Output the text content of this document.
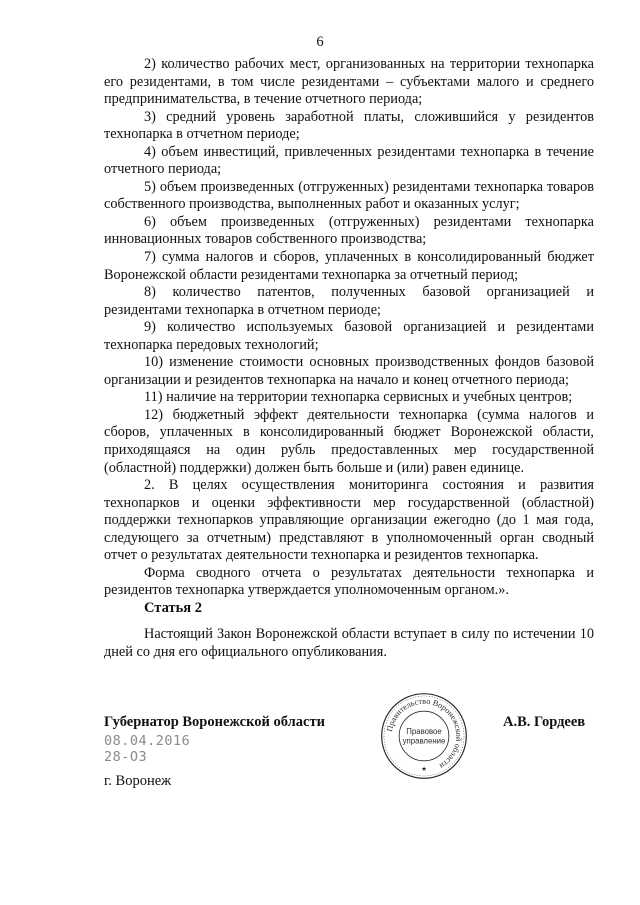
6

2) количество рабочих мест, организованных на территории технопарка его резидентами, в том числе резидентами – субъектами малого и среднего предпринимательства, в течение отчетного периода;

3) средний уровень заработной платы, сложившийся у резидентов технопарка в отчетном периоде;

4) объем инвестиций, привлеченных резидентами технопарка в течение отчетного периода;

5) объем произведенных (отгруженных) резидентами технопарка товаров собственного производства, выполненных работ и оказанных услуг;

6) объем произведенных (отгруженных) резидентами технопарка инновационных товаров собственного производства;

7) сумма налогов и сборов, уплаченных в консолидированный бюджет Воронежской области резидентами технопарка за отчетный период;

8) количество патентов, полученных базовой организацией и резидентами технопарка в отчетном периоде;

9) количество используемых базовой организацией и резидентами технопарка передовых технологий;

10) изменение стоимости основных производственных фондов базовой организации и резидентов технопарка на начало и конец отчетного периода;

11) наличие на территории технопарка сервисных и учебных центров;

12) бюджетный эффект деятельности технопарка (сумма налогов и сборов, уплаченных в консолидированный бюджет Воронежской области, приходящаяся на один рубль предоставленных мер государственной (областной) поддержки) должен быть больше и (или) равен единице.

2. В целях осуществления мониторинга состояния и развития технопарков и оценки эффективности мер государственной (областной) поддержки технопарков управляющие организации ежегодно (до 1 мая года, следующего за отчетным) представляют в уполномоченный орган сводный отчет о результатах деятельности технопарка и резидентов технопарка.

Форма сводного отчета о результатах деятельности технопарка и резидентов технопарка утверждается уполномоченным органом.».

Статья 2

Настоящий Закон Воронежской области вступает в силу по истечении 10 дней со дня его официального опубликования.

Губернатор Воронежской области
08.04.2016
28-ОЗ
г. Воронеж
А.В. Гордеев
Правительство Воронежской области
Правовое
управление
★
